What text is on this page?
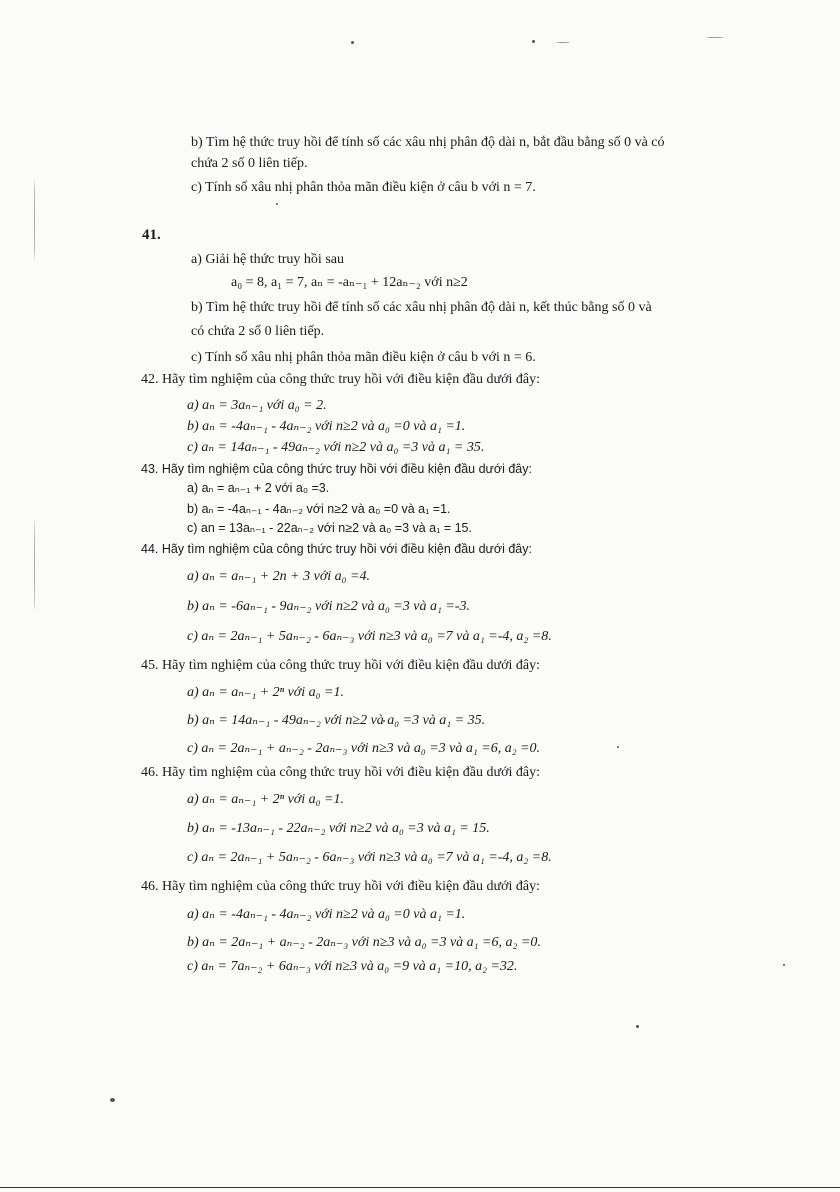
b) Tìm hệ thức truy hồi để tính số các xâu nhị phân độ dài n, bắt đầu bằng số 0 và có
chứa 2 số 0 liên tiếp.
c) Tính số xâu nhị phân thỏa mãn điều kiện ở câu b với n = 7.
41.
a) Giải hệ thức truy hồi sau
a₀ = 8, a₁ = 7, aₙ = -aₙ₋₁ + 12aₙ₋₂ với n≥2
b) Tìm hệ thức truy hồi để tính số các xâu nhị phân độ dài n, kết thúc bằng số 0 và
có chứa 2 số 0 liên tiếp.
c) Tính số xâu nhị phân thỏa mãn điều kiện ở câu b với n = 6.
42. Hãy tìm nghiệm của công thức truy hồi với điều kiện đầu dưới đây:
a) aₙ = 3aₙ₋₁ với a₀ = 2.
b) aₙ = -4aₙ₋₁ - 4aₙ₋₂ với n≥2 và a₀ =0 và a₁ =1.
c) aₙ = 14aₙ₋₁ - 49aₙ₋₂ với n≥2 và a₀ =3 và a₁ = 35.
43. Hãy tìm nghiệm của công thức truy hồi với điều kiện đầu dưới đây:
a) aₙ = aₙ₋₁ + 2 với a₀ =3.
b) aₙ = -4aₙ₋₁ - 4aₙ₋₂ với n≥2 và a₀ =0 và a₁ =1.
c) an = 13aₙ₋₁ - 22aₙ₋₂ với n≥2 và a₀ =3 và a₁ = 15.
44. Hãy tìm nghiệm của công thức truy hồi với điều kiện đầu dưới đây:
a) aₙ = aₙ₋₁ + 2n + 3 với a₀ =4.
b) aₙ = -6aₙ₋₁ - 9aₙ₋₂ với n≥2 và a₀ =3 và a₁ =-3.
c) aₙ = 2aₙ₋₁ + 5aₙ₋₂ - 6aₙ₋₃ với n≥3 và a₀ =7 và a₁ =-4, a₂ =8.
45. Hãy tìm nghiệm của công thức truy hồi với điều kiện đầu dưới đây:
a) aₙ = aₙ₋₁ + 2ⁿ với a₀ =1.
b) aₙ = 14aₙ₋₁ - 49aₙ₋₂ với n≥2 và a₀ =3 và a₁ = 35.
c) aₙ = 2aₙ₋₁ + aₙ₋₂ - 2aₙ₋₃ với n≥3 và a₀ =3 và a₁ =6, a₂ =0.
46. Hãy tìm nghiệm của công thức truy hồi với điều kiện đầu dưới đây:
a) aₙ = aₙ₋₁ + 2ⁿ với a₀ =1.
b) aₙ = -13aₙ₋₁ - 22aₙ₋₂ với n≥2 và a₀ =3 và a₁ = 15.
c) aₙ = 2aₙ₋₁ + 5aₙ₋₂ - 6aₙ₋₃ với n≥3 và a₀ =7 và a₁ =-4, a₂ =8.
46. Hãy tìm nghiệm của công thức truy hồi với điều kiện đầu dưới đây:
a) aₙ = -4aₙ₋₁ - 4aₙ₋₂ với n≥2 và a₀ =0 và a₁ =1.
b) aₙ = 2aₙ₋₁ + aₙ₋₂ - 2aₙ₋₃ với n≥3 và a₀ =3 và a₁ =6, a₂ =0.
c) aₙ = 7aₙ₋₂ + 6aₙ₋₃ với n≥3 và a₀ =9 và a₁ =10, a₂ =32.
